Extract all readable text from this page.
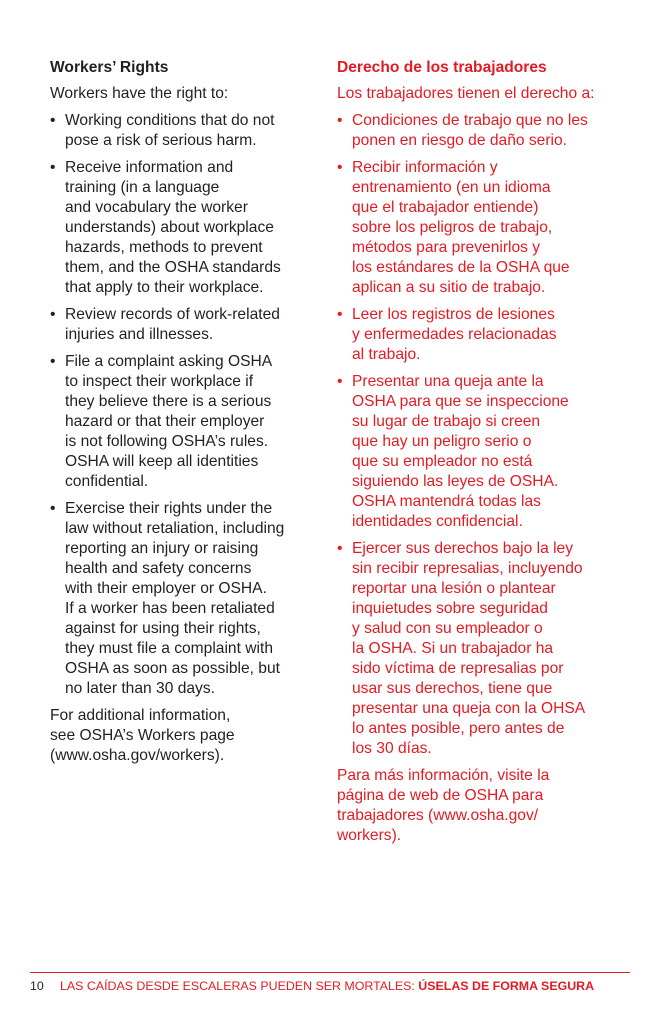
Workers’ Rights
Workers have the right to:
• Working conditions that do not
pose a risk of serious harm.
• Receive information and
training (in a language
and vocabulary the worker
understands) about workplace
hazards, methods to prevent
them, and the OSHA standards
that apply to their workplace.
• Review records of work-related
injuries and illnesses.
• File a complaint asking OSHA
to inspect their workplace if
they believe there is a serious
hazard or that their employer
is not following OSHA’s rules.
OSHA will keep all identities
confidential.
• Exercise their rights under the
law without retaliation, including
reporting an injury or raising
health and safety concerns
with their employer or OSHA.
If a worker has been retaliated
against for using their rights,
they must file a complaint with
OSHA as soon as possible, but
no later than 30 days.
For additional information,
see OSHA’s Workers page
(www.osha.gov/workers).
Derecho de los trabajadores
Los trabajadores tienen el derecho a:
• Condiciones de trabajo que no les
ponen en riesgo de daño serio.
• Recibir información y
entrenamiento (en un idioma
que el trabajador entiende)
sobre los peligros de trabajo,
métodos para prevenirlos y
los estándares de la OSHA que
aplican a su sitio de trabajo.
• Leer los registros de lesiones
y enfermedades relacionadas
al trabajo.
• Presentar una queja ante la
OSHA para que se inspeccione
su lugar de trabajo si creen
que hay un peligro serio o
que su empleador no está
siguiendo las leyes de OSHA.
OSHA mantendrá todas las
identidades confidencial.
• Ejercer sus derechos bajo la ley
sin recibir represalias, incluyendo
reportar una lesión o plantear
inquietudes sobre seguridad
y salud con su empleador o
la OSHA. Si un trabajador ha
sido víctima de represalias por
usar sus derechos, tiene que
presentar una queja con la OHSA
lo antes posible, pero antes de
los 30 días.
Para más información, visite la
página de web de OSHA para
trabajadores (www.osha.gov/
workers).
10 LAS CAÍDAS DESDE ESCALERAS PUEDEN SER MORTALES: ÚSELAS DE FORMA SEGURA
